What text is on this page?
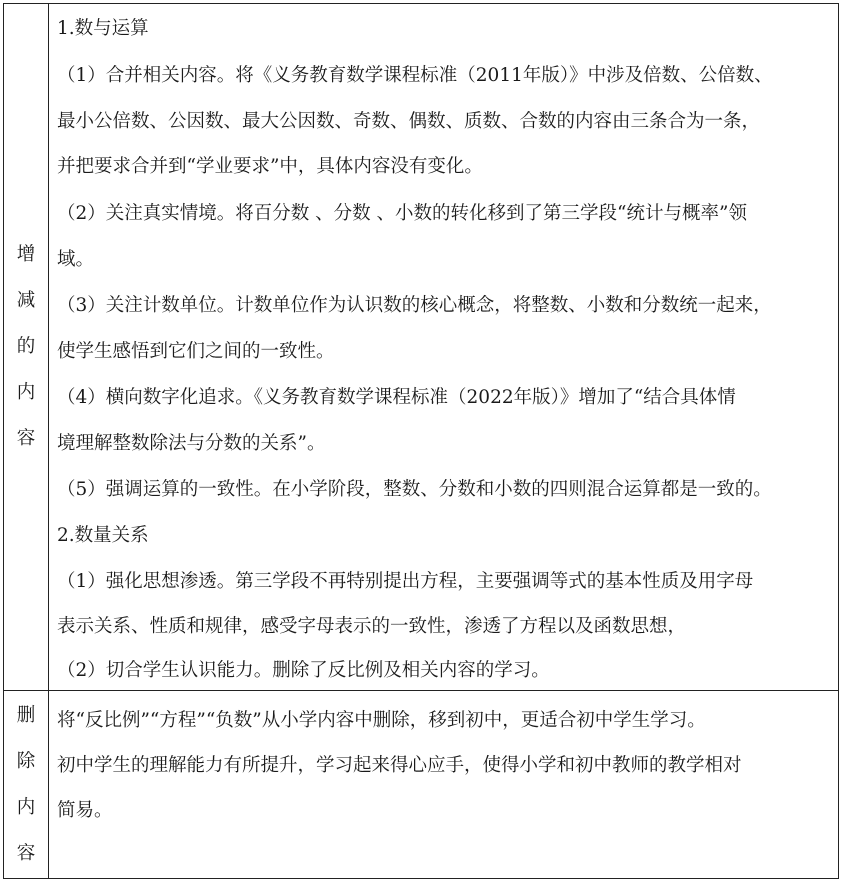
增
减
的
内
容
1.数与运算
（1）合并相关内容。将《义务教育数学课程标准（2011年版）》中涉及倍数、公倍数、
最小公倍数、公因数、最大公因数、奇数、偶数、质数、合数的内容由三条合为一条，
并把要求合并到“学业要求”中，具体内容没有变化。
（2）关注真实情境。将百分数 、分数 、小数的转化移到了第三学段“统计与概率”领
域。
（3）关注计数单位。计数单位作为认识数的核心概念，将整数、小数和分数统一起来，
使学生感悟到它们之间的一致性。
（4）横向数字化追求。《义务教育数学课程标准（2022年版）》增加了“结合具体情
境理解整数除法与分数的关系”。
（5）强调运算的一致性。在小学阶段，整数、分数和小数的四则混合运算都是一致的。
2.数量关系
（1）强化思想渗透。第三学段不再特别提出方程，主要强调等式的基本性质及用字母
表示关系、性质和规律，感受字母表示的一致性，渗透了方程以及函数思想，
（2）切合学生认识能力。删除了反比例及相关内容的学习。
删
除
内
容
将“反比例”“方程”“负数”从小学内容中删除，移到初中，更适合初中学生学习。
初中学生的理解能力有所提升，学习起来得心应手，使得小学和初中教师的教学相对
简易。
